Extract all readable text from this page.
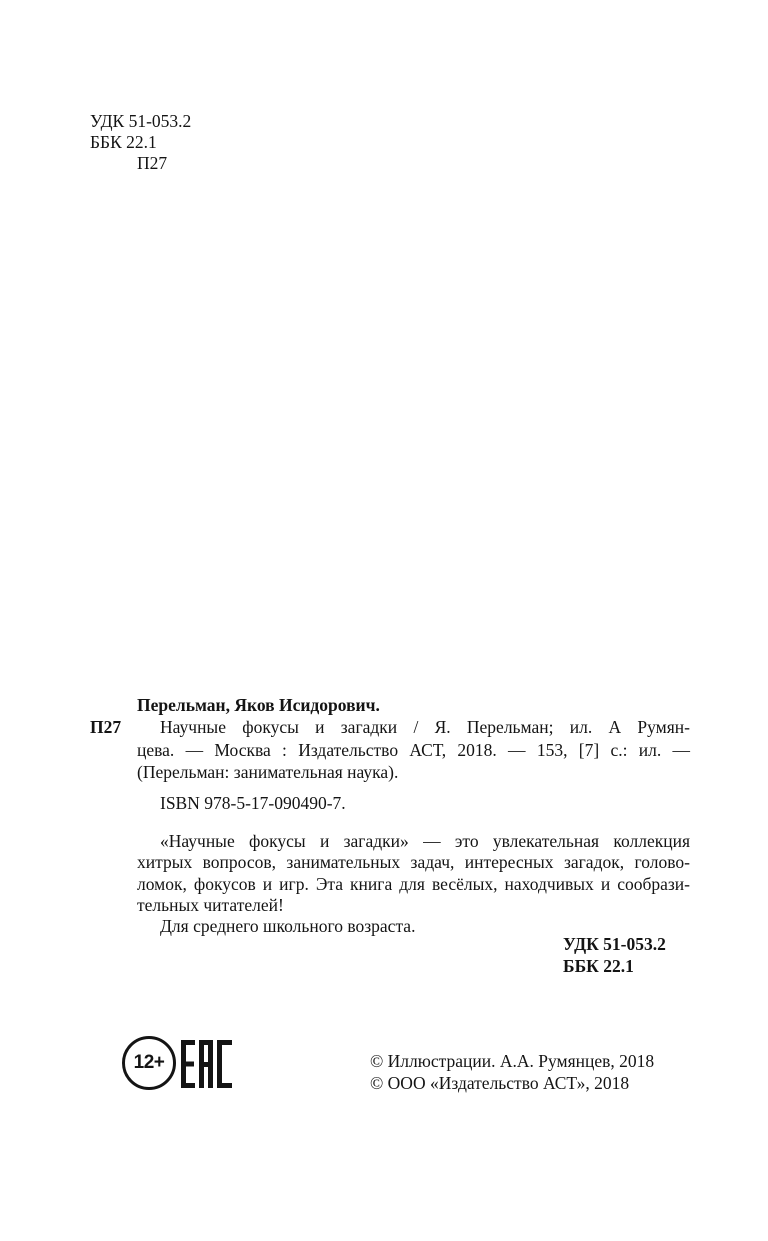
УДК 51-053.2
ББК 22.1
П27
П27
Перельман, Яков Исидорович.
Научные фокусы и загадки / Я. Перельман; ил. А Румян-
цева. — Москва : Издательство АСТ, 2018. — 153, [7] с.: ил. —
(Перельман: занимательная наука).
ISBN 978-5-17-090490-7.
«Научные фокусы и загадки» — это увлекательная коллекция
хитрых вопросов, занимательных задач, интересных загадок, голово-
ломок, фокусов и игр. Эта книга для весёлых, находчивых и сообрази-
тельных читателей!
Для среднего школьного возраста.
УДК 51-053.2
ББК 22.1
12+	© Иллюстрации. А.А. Румянцев, 2018
© ООО «Издательство АСТ», 2018
